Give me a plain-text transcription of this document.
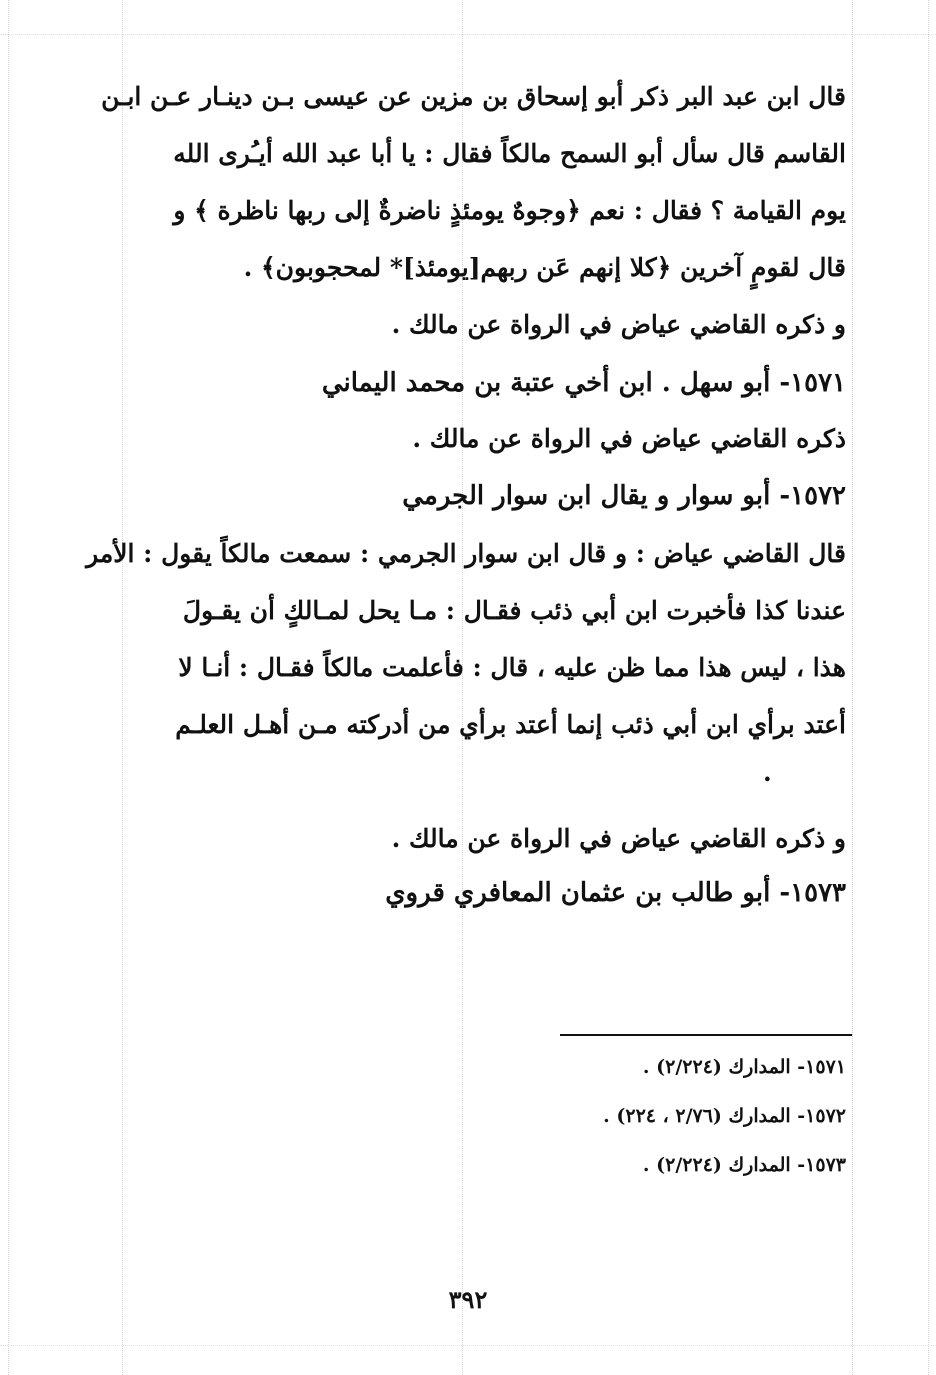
قال ابن عبد البر ذكر أبو إسحاق بن مزين عن عيسى بـن دينـار عـن ابـن
القاسم قال سأل أبو السمح مالكاً فقال : يا أبا عبد الله أيـُرى الله
يوم القيامة ؟ فقال : نعم ﴿وجوهٌ يومئذٍ ناضرةٌ إلى ربها ناظرة ﴾ و
قال لقومٍ آخرين ﴿كلا إنهم عَن ربهم[يومئذ]* لمحجوبون﴾ .
و ذكره القاضي عياض في الرواة عن مالك .
١٥٧١- أبو سهل . ابن أخي عتبة بن محمد اليماني
ذكره القاضي عياض في الرواة عن مالك .
١٥٧٢- أبو سوار و يقال ابن سوار الجرمي
قال القاضي عياض : و قال ابن سوار الجرمي : سمعت مالكاً يقول : الأمر
عندنا كذا فأخبرت ابن أبي ذئب فقـال : مـا يحل لمـالكٍ أن يقـولَ
هذا ، ليس هذا مما ظن عليه ، قال : فأعلمت مالكاً فقـال : أنـا لا
أعتد برأي ابن أبي ذئب إنما أعتد برأي من أدركته مـن أهـل العلـم
.
و ذكره القاضي عياض في الرواة عن مالك .
١٥٧٣- أبو طالب بن عثمان المعافري قروي
١٥٧١- المدارك (٢/٢٢٤) .
١٥٧٢- المدارك (٢/٧٦ ، ٢٢٤) .
١٥٧٣- المدارك (٢/٢٢٤) .
٣٩٢
